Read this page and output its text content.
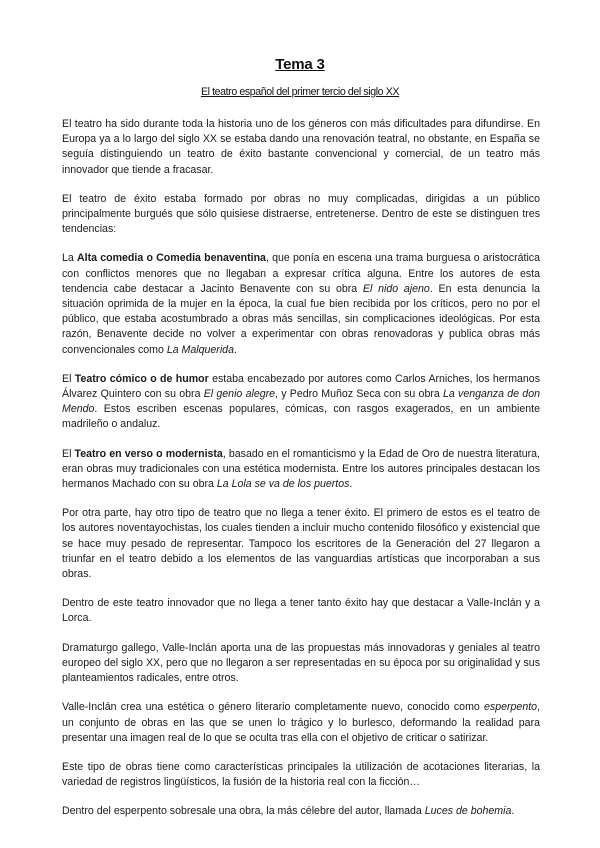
Tema 3
El teatro español del primer tercio del siglo XX

El teatro ha sido durante toda la historia uno de los géneros con más dificultades para difundirse. En Europa ya a lo largo del siglo XX se estaba dando una renovación teatral, no obstante, en España se seguía distinguiendo un teatro de éxito bastante convencional y comercial, de un teatro más innovador que tiende a fracasar.

El teatro de éxito estaba formado por obras no muy complicadas, dirigidas a un público principalmente burgués que sólo quisiese distraerse, entretenerse. Dentro de este se distinguen tres tendencias:

La Alta comedia o Comedia benaventina, que ponía en escena una trama burguesa o aristocrática con conflictos menores que no llegaban a expresar crítica alguna. Entre los autores de esta tendencia cabe destacar a Jacinto Benavente con su obra El nido ajeno. En esta denuncia la situación oprimida de la mujer en la época, la cual fue bien recibida por los críticos, pero no por el público, que estaba acostumbrado a obras más sencillas, sin complicaciones ideológicas. Por esta razón, Benavente decide no volver a experimentar con obras renovadoras y publica obras más convencionales como La Malquerida.

El Teatro cómico o de humor estaba encabezado por autores como Carlos Arniches, los hermanos Álvarez Quintero con su obra El genio alegre, y Pedro Muñoz Seca con su obra La venganza de don Mendo. Estos escriben escenas populares, cómicas, con rasgos exagerados, en un ambiente madrileño o andaluz.

El Teatro en verso o modernista, basado en el romanticismo y la Edad de Oro de nuestra literatura, eran obras muy tradicionales con una estética modernista. Entre los autores principales destacan los hermanos Machado con su obra La Lola se va de los puertos.

Por otra parte, hay otro tipo de teatro que no llega a tener éxito. El primero de estos es el teatro de los autores noventayochistas, los cuales tienden a incluir mucho contenido filosófico y existencial que se hace muy pesado de representar. Tampoco los escritores de la Generación del 27 llegaron a triunfar en el teatro debido a los elementos de las vanguardias artísticas que incorporaban a sus obras.

Dentro de este teatro innovador que no llega a tener tanto éxito hay que destacar a Valle-Inclán y a Lorca.

Dramaturgo gallego, Valle-Inclán aporta una de las propuestas más innovadoras y geniales al teatro europeo del siglo XX, pero que no llegaron a ser representadas en su época por su originalidad y sus planteamientos radicales, entre otros.

Valle-Inclán crea una estética o género literario completamente nuevo, conocido como esperpento, un conjunto de obras en las que se unen lo trágico y lo burlesco, deformando la realidad para presentar una imagen real de lo que se oculta tras ella con el objetivo de criticar o satirizar.

Este tipo de obras tiene como características principales la utilización de acotaciones literarias, la variedad de registros lingüísticos, la fusión de la historia real con la ficción…

Dentro del esperpento sobresale una obra, la más célebre del autor, llamada Luces de bohemia.
